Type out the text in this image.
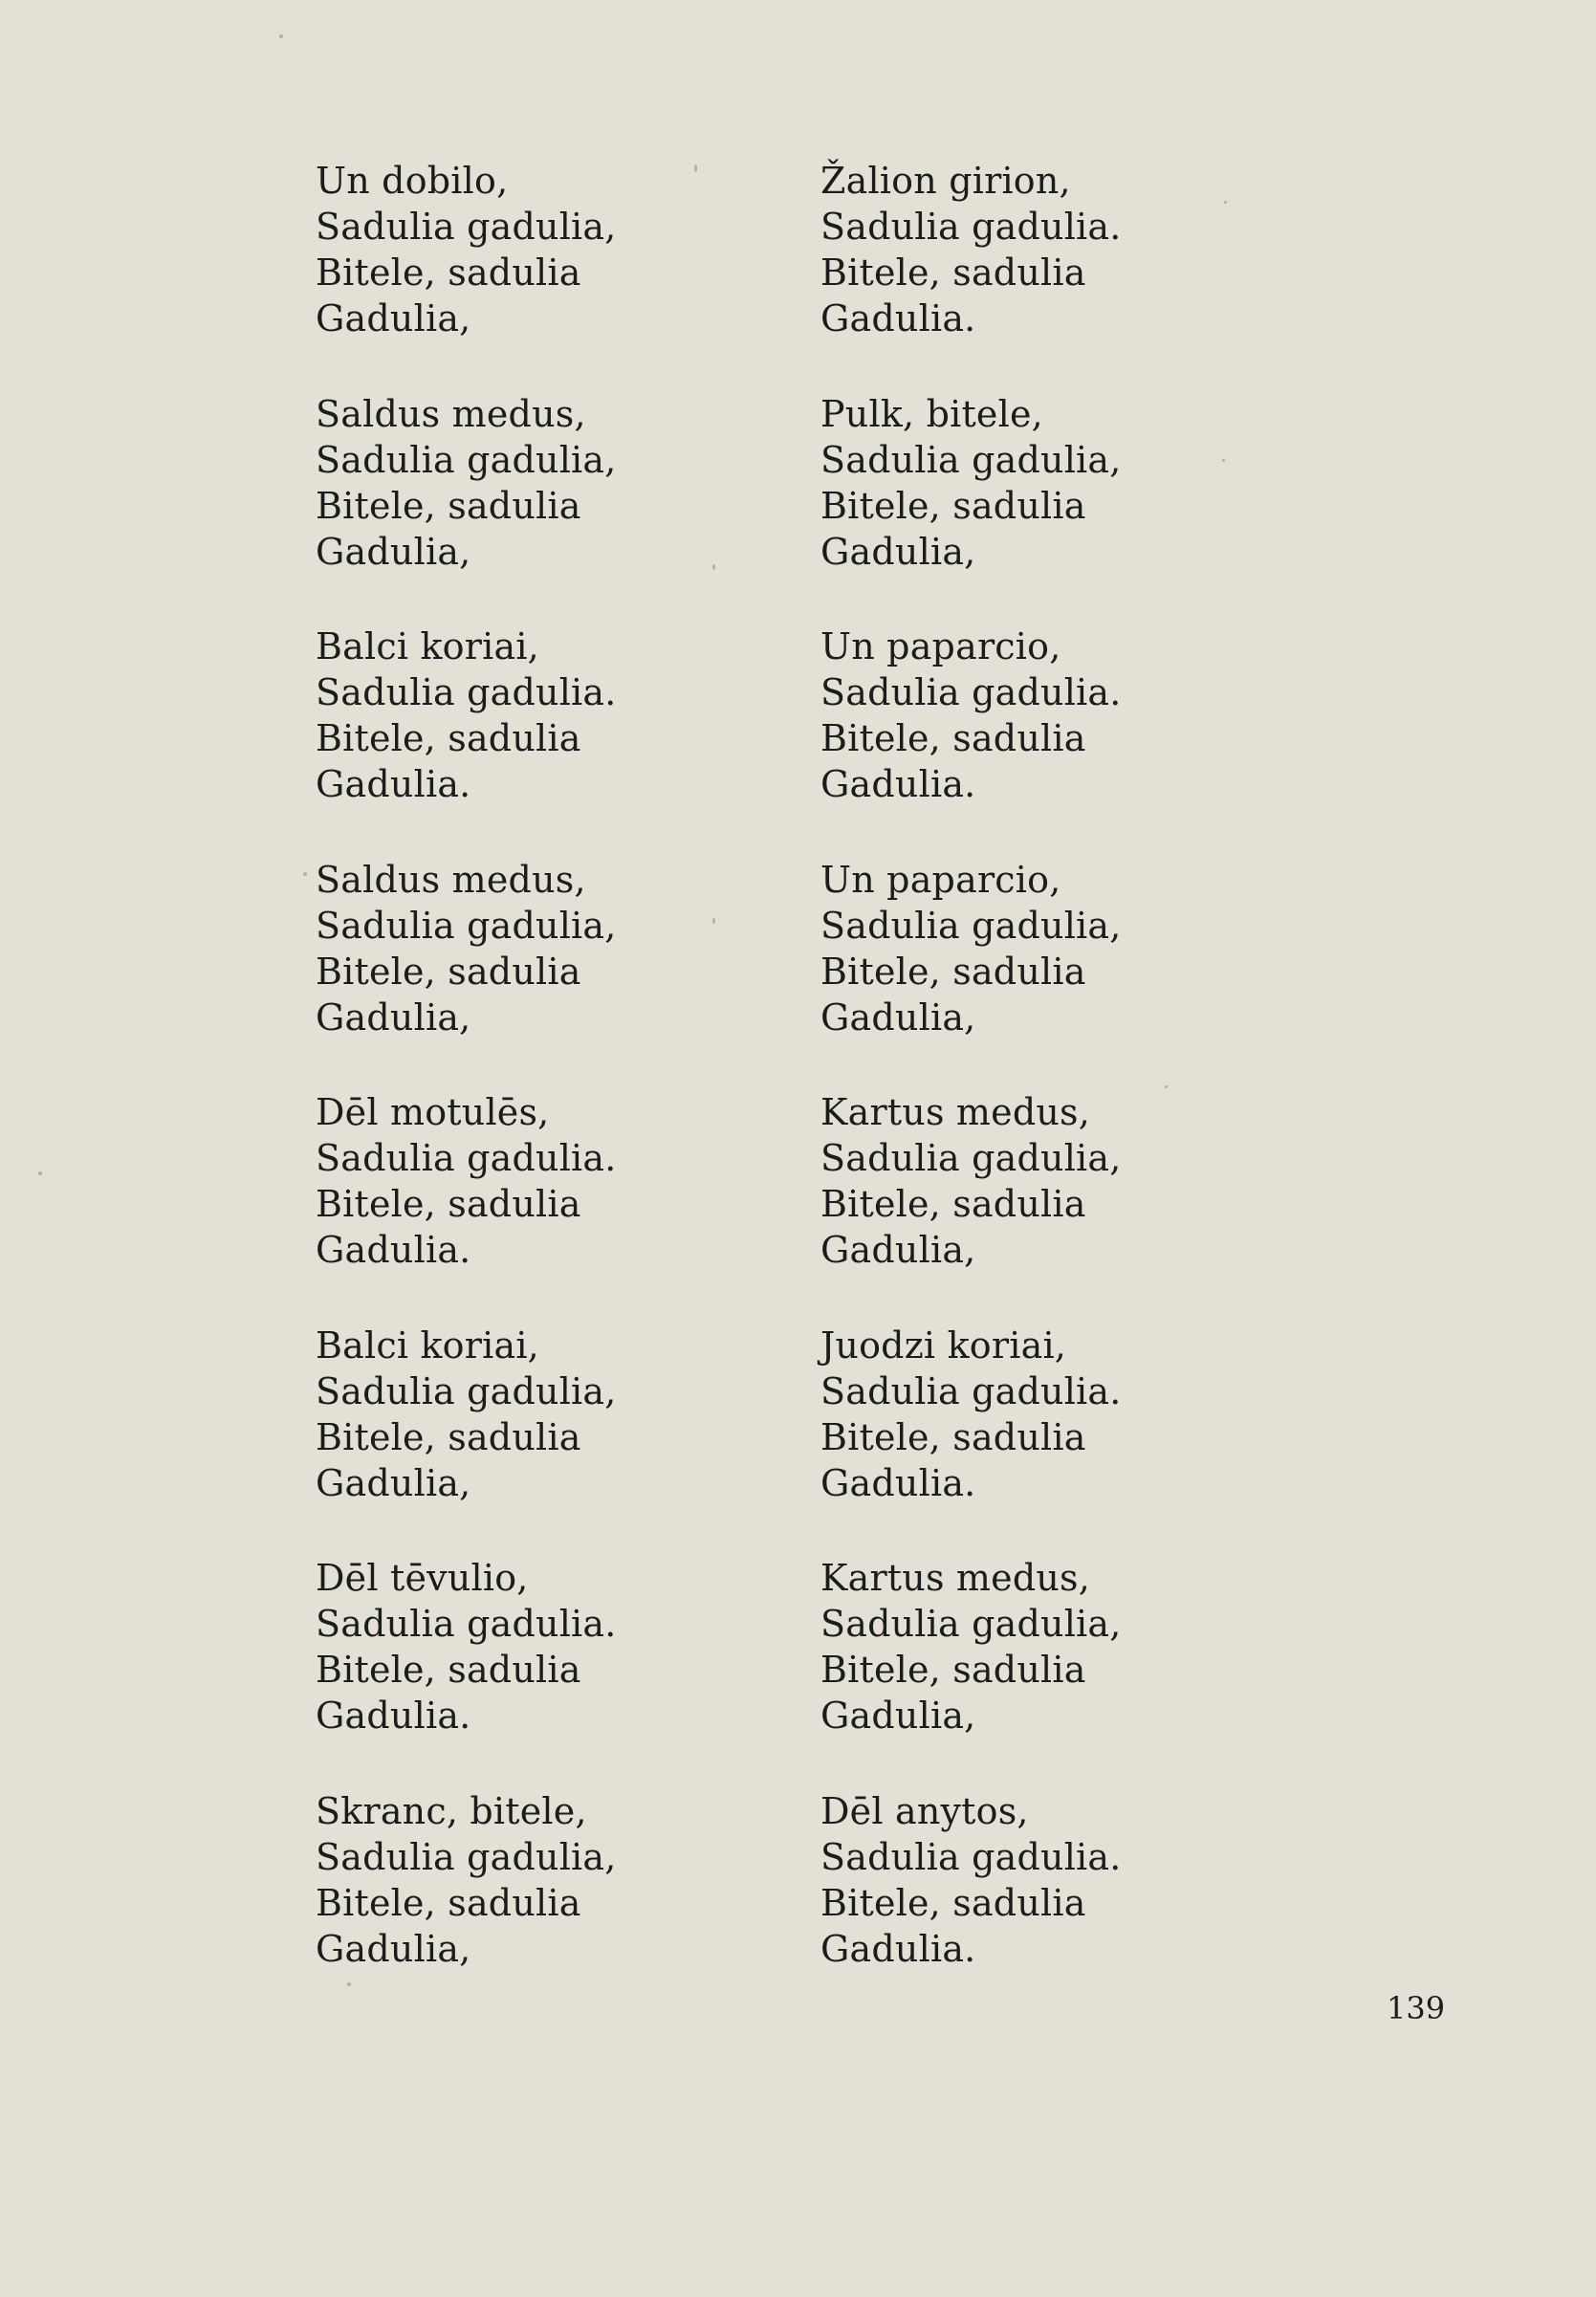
Un dobilo,
Sadulia gadulia,
Bitele, sadulia
Gadulia,
Saldus medus,
Sadulia gadulia,
Bitele, sadulia
Gadulia,
Balci koriai,
Sadulia gadulia.
Bitele, sadulia
Gadulia.
Saldus medus,
Sadulia gadulia,
Bitele, sadulia
Gadulia,
Dēl motulēs,
Sadulia gadulia.
Bitele, sadulia
Gadulia.
Balci koriai,
Sadulia gadulia,
Bitele, sadulia
Gadulia,
Dēl tēvulio,
Sadulia gadulia.
Bitele, sadulia
Gadulia.
Skranc, bitele,
Sadulia gadulia,
Bitele, sadulia
Gadulia,
Žalion girion,
Sadulia gadulia.
Bitele, sadulia
Gadulia.
Pulk, bitele,
Sadulia gadulia,
Bitele, sadulia
Gadulia,
Un paparcio,
Sadulia gadulia.
Bitele, sadulia
Gadulia.
Un paparcio,
Sadulia gadulia,
Bitele, sadulia
Gadulia,
Kartus medus,
Sadulia gadulia,
Bitele, sadulia
Gadulia,
Juodzi koriai,
Sadulia gadulia.
Bitele, sadulia
Gadulia.
Kartus medus,
Sadulia gadulia,
Bitele, sadulia
Gadulia,
Dēl anytos,
Sadulia gadulia.
Bitele, sadulia
Gadulia.
139
